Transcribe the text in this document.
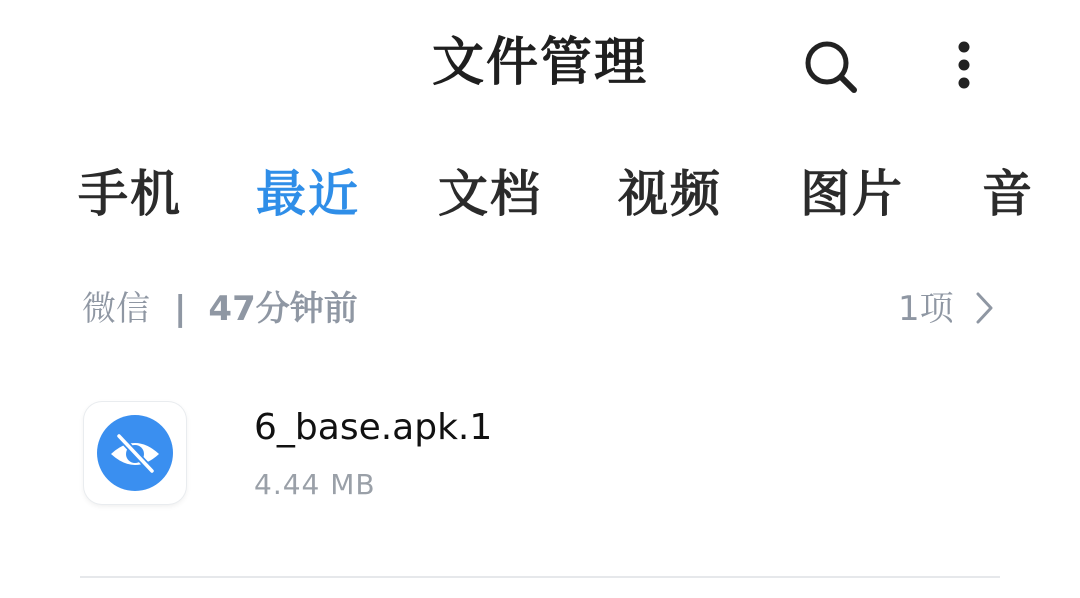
文件管理
手机 最近 文档 视频 图片 音
微信 | 47分钟前	1项
6_base.apk.1
4.44 MB
